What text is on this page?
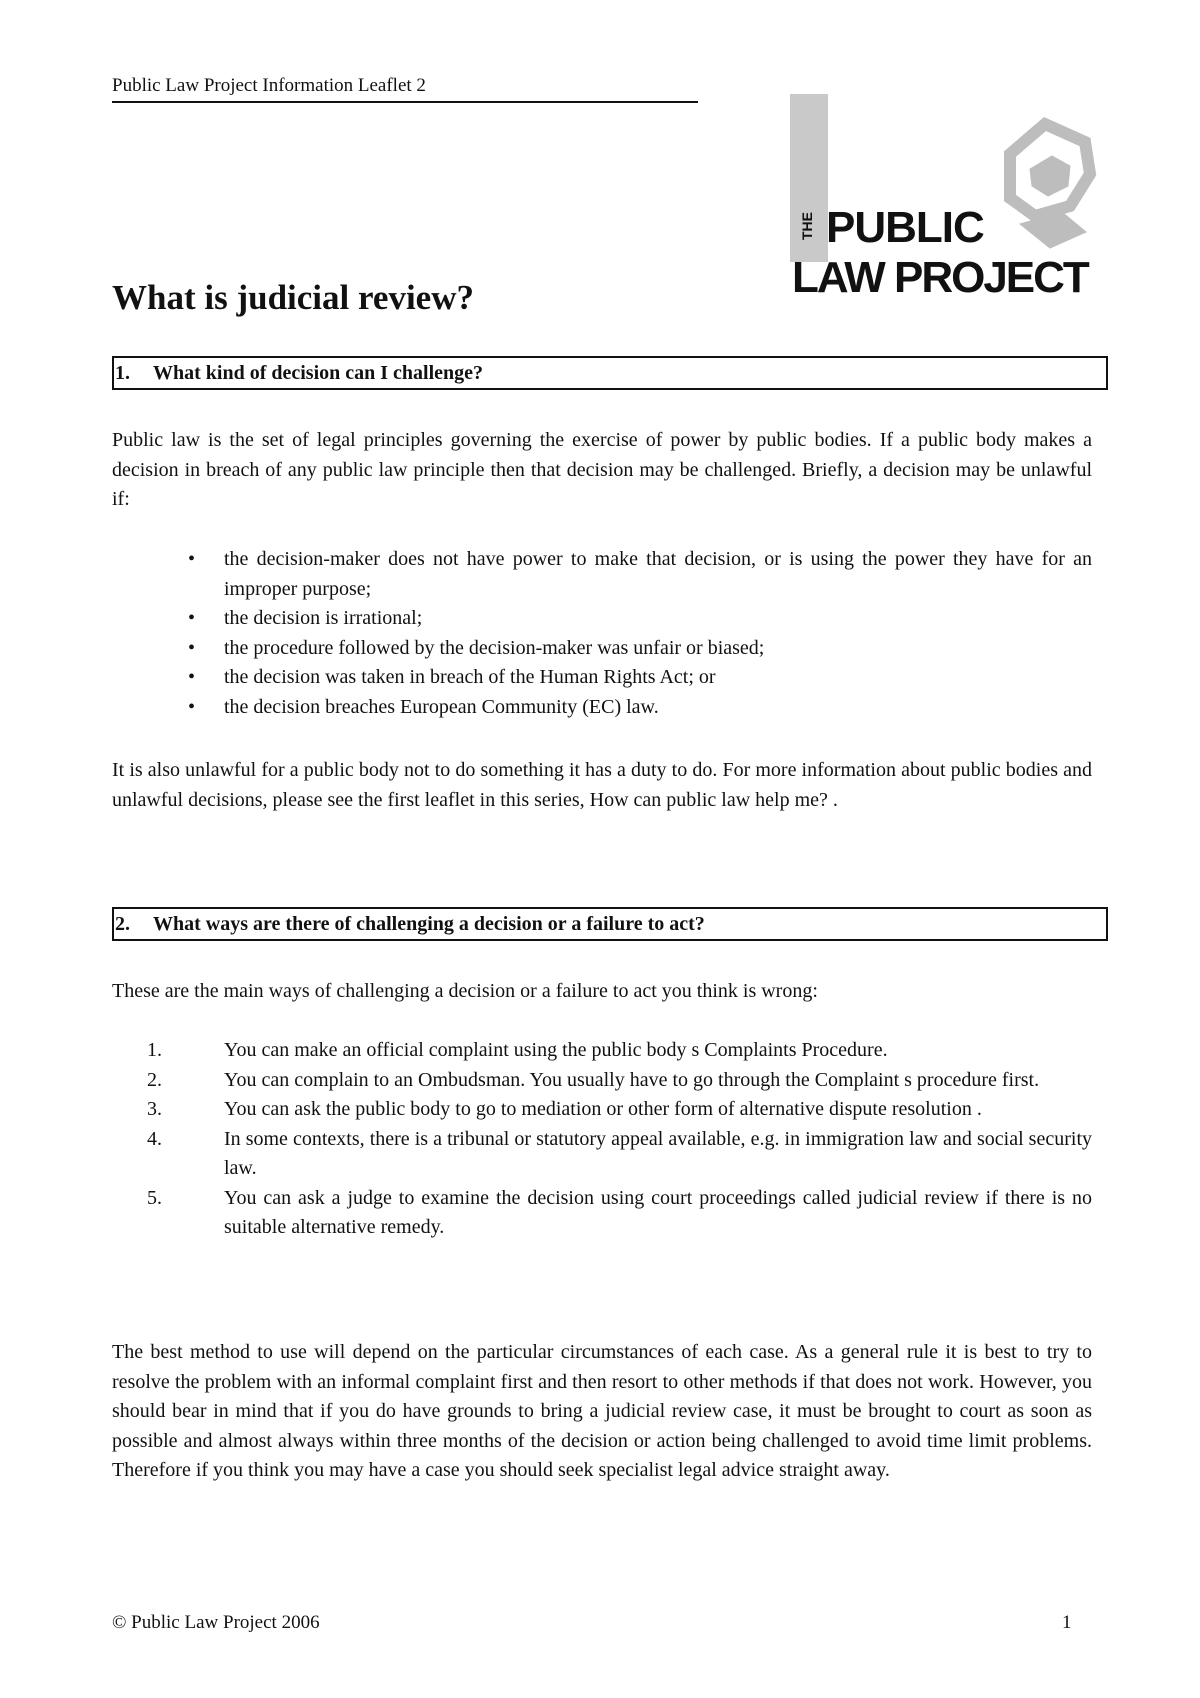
Public Law Project Information Leaflet 2
THE PUBLIC
LAW PROJECT
PLP
What is judicial review?
1. What kind of decision can I challenge?

Public law is the set of legal principles governing the exercise of power by public bodies. If a public body makes a decision in breach of any public law principle then that decision may be challenged. Briefly, a decision may be unlawful if:

• the decision-maker does not have power to make that decision, or is using the power they have for an improper purpose;
• the decision is irrational;
• the procedure followed by the decision-maker was unfair or biased;
• the decision was taken in breach of the Human Rights Act; or
• the decision breaches European Community (EC) law.

It is also unlawful for a public body not to do something it has a duty to do. For more information about public bodies and unlawful decisions, please see the first leaflet in this series, How can public law help me? .

2. What ways are there of challenging a decision or a failure to act?

These are the main ways of challenging a decision or a failure to act you think is wrong:

1.	You can make an official complaint using the public body s Complaints Procedure.
2.	You can complain to an Ombudsman. You usually have to go through the Complaint s procedure first.
3.	You can ask the public body to go to mediation or other form of alternative dispute resolution .
4.	In some contexts, there is a tribunal or statutory appeal available, e.g. in immigration law and social security law.
5.	You can ask a judge to examine the decision using court proceedings called judicial review if there is no suitable alternative remedy.

The best method to use will depend on the particular circumstances of each case. As a general rule it is best to try to resolve the problem with an informal complaint first and then resort to other methods if that does not work. However, you should bear in mind that if you do have grounds to bring a judicial review case, it must be brought to court as soon as possible and almost always within three months of the decision or action being challenged to avoid time limit problems. Therefore if you think you may have a case you should seek specialist legal advice straight away.

© Public Law Project 2006	1
